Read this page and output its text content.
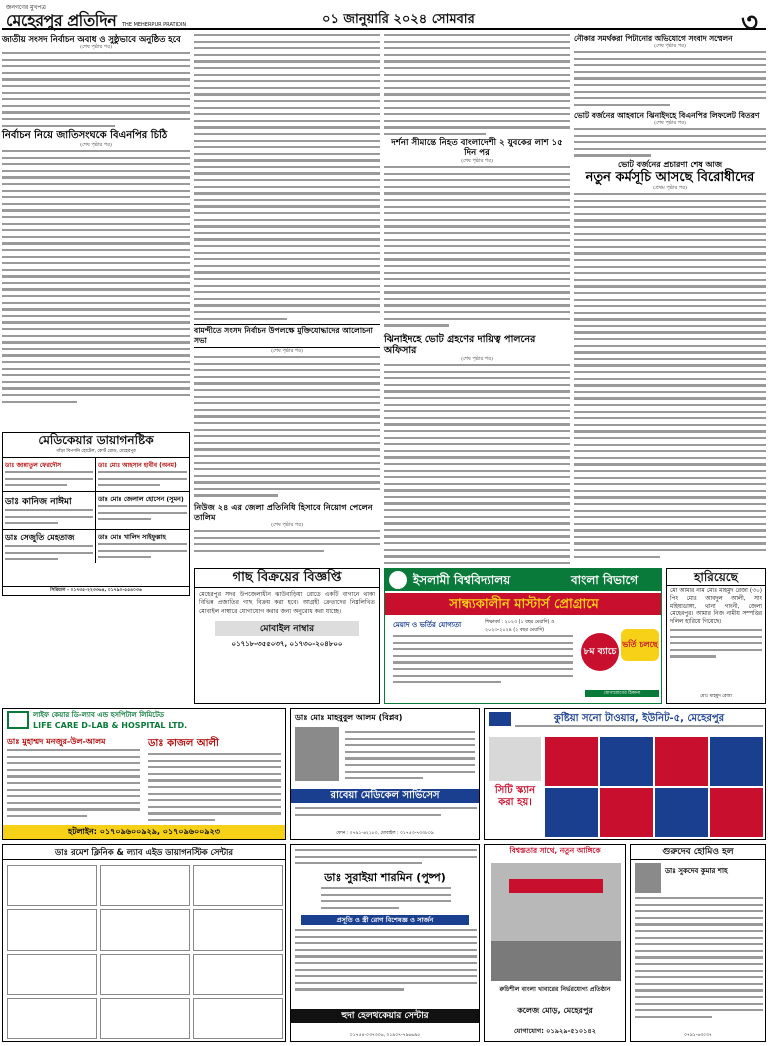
জনগণের মুখপত্র
মেহেরপুর প্রতিদিন THE MEHERPUR PRATIDIN	০১ জানুয়ারি ২০২৪ সোমবার	৩
জাতীয় সংসদ নির্বাচন অবাধ ও সুষ্ঠুভাবে অনুষ্ঠিত হবে
(শেষ পৃষ্ঠার পর)
নির্বাচন নিয়ে জাতিসংঘকে বিএনপির চিঠি
(শেষ পৃষ্ঠার পর)
বামন্দীতে সংসদ নির্বাচন উপলক্ষে মুক্তিযোদ্ধাদের আলোচনা সভা
(শেষ পৃষ্ঠার পর)
নিউজ ২৪ এর জেলা প্রতিনিধি হিসাবে নিয়োগ পেলেন তালিম
(শেষ পৃষ্ঠার পর)
দর্শনা সীমান্তে নিহত বাংলাদেশী ২ যুবকের লাশ ১৫ দিন পর
(শেষ পৃষ্ঠার পর)
ঝিনাইদহে ভোট গ্রহণের দায়িত্ব পালনের অফিসার
(শেষ পৃষ্ঠার পর)
নৌকার সমর্থকরা পিটানোর অভিযোগে সংবাদ সম্মেলন
(শেষ পৃষ্ঠার পর)
ভোট বর্জনের আহবানে ঝিনাইদহে বিএনপির লিফলেট বিতরণ
(শেষ পৃষ্ঠার পর)
ভোট বর্জনের প্রচারণা শেষ আজ
নতুন কর্মসূচি আসছে বিরোধীদের
(প্রথম পৃষ্ঠার পর)
মেডিকেয়ার ডায়াগনষ্টিক
গাঁড়া বিপণনি হোটেল, কোর্ট রোড, মেহেরপুর
ডাঃ জান্নাতুল ফেরদৌস	ডাঃ মোঃ আহসান হাবীব (অনম)
ডাঃ কানিজ নাঈমা	ডাঃ মোঃ জেলাল হোসেন (সুমন)
ডাঃ সেজুতি মেহতাজ	ডাঃ মোঃ খালিদ সাইফুল্লাহ
সিরিয়াল - ০১৭৩৫-২২৩৩৬৪, ০১৭৯০-৫৫৪০৩৬
গাছ বিক্রয়ের বিজ্ঞপ্তি
মেহেরপুর সদর উপজেলাধীন ঝাউবাড়িয়া রোডে একটি বাগানে থাকা বিভিন্ন প্রজাতির গাছ বিক্রয় করা হবে। আগ্রহী ক্রেতাদের নিম্নলিখিত মোবাইল নাম্বারে যোগাযোগ করার জন্য অনুরোধ করা যাচ্ছে।
মোবাইল নাম্বার
০১৭১৮-৩৫৫০৩৭, ০১৭৩০-২০৪৮০০
ইসলামী বিশ্ববিদ্যালয়	বাংলা বিভাগে
সান্ধ্যকালীন মাস্টার্স প্রোগ্রামে
মেয়াদ ও ভর্তির যোগ্যতা	শিক্ষাবর্ষ : ২০২৩ (১ বছর মেয়াদি) ও ২০২৩-২০২৪ (২ বছর মেয়াদি)
৮ম ব্যাচে
ভর্তি চলছে
যোগাযোগের ঠিকানা
হারিয়েছে
মো আমার নাম মোঃ মাহমুদ রেজা (৩০) পিং মোঃ আবদুল আলী, সাং মহিষাডাঙ্গা, থানা গাংনী, জেলা মেহেরপুর। আমার নিজ নামীয় সম্পত্তির দলিল হারিয়ে গিয়েছে।
মোঃ মাহমুদ রেজা
লাইফ কেয়ার ডি-ল্যাব এন্ড হসপিটাল লিমিটেড
LIFE CARE D-LAB & HOSPITAL LTD.
ডাঃ মুহাম্মদ মনজুর-উল-আলম	ডাঃ কাজল আলী
হটলাইন: ০১৭০৯৬০০৯২৯, ০১৭০৯৬০০৯২৩
ডাঃ মোঃ মাহবুবুল আলম (বিপ্লব)
রাবেয়া মেডিকেল সার্ভিসেস
ফোন : ০৭৯১-৬২১৮০, মোবাইল : ০১৭৫৩-৭৩৩৮০৯
কুষ্টিয়া সনো টাওয়ার, ইউনিট-৫, মেহেরপুর
সিটি স্ক্যান করা হয়।
ডাঃ রমেশ ক্লিনিক & ল্যাব এইড ডায়াগনস্টিক সেন্টার
ডাঃ সুরাইয়া শারমিন (পুষ্প)
প্রসূতি ও স্ত্রী রোগ বিশেষজ্ঞ ও সার্জন
হুদা হেলথকেয়ার সেন্টার
০১৭৫৪-০৩৭৩০৬, ০১৯০৭-৭৯৬৬৯৫
বিশ্বস্ততার সাথে, নতুন আঙ্গিকে
রুচিশীল বাংলা খাবারের নির্ভরযোগ্য প্রতিষ্ঠান
কলেজ মোড়, মেহেরপুর
যোগাযোগ: ০১৯২৯-৫১০১৪২
গুরুদেব হোমিও হল
ডাঃ সুকদেব কুমার শাহ
০৭৯১-৬৩০৩৭
